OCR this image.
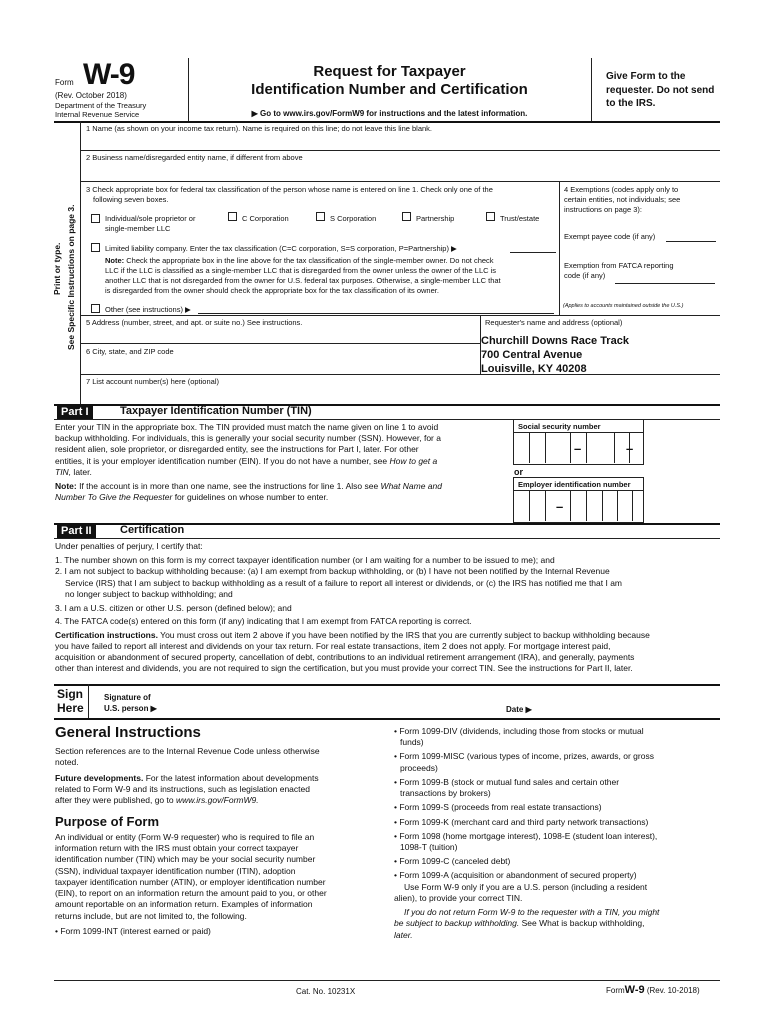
Form W-9
(Rev. October 2018)
Department of the Treasury
Internal Revenue Service
Request for Taxpayer
Identification Number and Certification
▶ Go to www.irs.gov/FormW9 for instructions and the latest information.
Give Form to the requester. Do not send to the IRS.
Print or type. See Specific Instructions on page 3.
1 Name (as shown on your income tax return). Name is required on this line; do not leave this line blank.
2 Business name/disregarded entity name, if different from above
3 Check appropriate box for federal tax classification of the person whose name is entered on line 1. Check only one of the
following seven boxes.
4 Exemptions (codes apply only to
certain entities, not individuals; see
instructions on page 3):
Exempt payee code (if any)
Exemption from FATCA reporting
code (if any)
(Applies to accounts maintained outside the U.S.)
Individual/sole proprietor or
single-member LLC
C Corporation	S Corporation	Partnership	Trust/estate
Limited liability company. Enter the tax classification (C=C corporation, S=S corporation, P=Partnership) ▶
Note: Check the appropriate box in the line above for the tax classification of the single-member owner. Do not check
LLC if the LLC is classified as a single-member LLC that is disregarded from the owner unless the owner of the LLC is
another LLC that is not disregarded from the owner for U.S. federal tax purposes. Otherwise, a single-member LLC that
is disregarded from the owner should check the appropriate box for the tax classification of its owner.
Other (see instructions) ▶
5 Address (number, street, and apt. or suite no.) See instructions.	Requester's name and address (optional)
Churchill Downs Race Track
700 Central Avenue
Louisville, KY 40208
6 City, state, and ZIP code
7 List account number(s) here (optional)
Part I	Taxpayer Identification Number (TIN)
Enter your TIN in the appropriate box. The TIN provided must match the name given on line 1 to avoid
backup withholding. For individuals, this is generally your social security number (SSN). However, for a
resident alien, sole proprietor, or disregarded entity, see the instructions for Part I, later. For other
entities, it is your employer identification number (EIN). If you do not have a number, see How to get a
TIN, later.
Note: If the account is in more than one name, see the instructions for line 1. Also see What Name and
Number To Give the Requester for guidelines on whose number to enter.
Social security number
–	–
or
Employer identification number
–
Part II	Certification
Under penalties of perjury, I certify that:
1. The number shown on this form is my correct taxpayer identification number (or I am waiting for a number to be issued to me); and
2. I am not subject to backup withholding because: (a) I am exempt from backup withholding, or (b) I have not been notified by the Internal Revenue
Service (IRS) that I am subject to backup withholding as a result of a failure to report all interest or dividends, or (c) the IRS has notified me that I am
no longer subject to backup withholding; and
3. I am a U.S. citizen or other U.S. person (defined below); and
4. The FATCA code(s) entered on this form (if any) indicating that I am exempt from FATCA reporting is correct.
Certification instructions. You must cross out item 2 above if you have been notified by the IRS that you are currently subject to backup withholding because
you have failed to report all interest and dividends on your tax return. For real estate transactions, item 2 does not apply. For mortgage interest paid,
acquisition or abandonment of secured property, cancellation of debt, contributions to an individual retirement arrangement (IRA), and generally, payments
other than interest and dividends, you are not required to sign the certification, but you must provide your correct TIN. See the instructions for Part II, later.
Sign
Here
Signature of
U.S. person ▶	Date ▶
General Instructions
Section references are to the Internal Revenue Code unless otherwise
noted.
Future developments. For the latest information about developments
related to Form W-9 and its instructions, such as legislation enacted
after they were published, go to www.irs.gov/FormW9.
Purpose of Form
An individual or entity (Form W-9 requester) who is required to file an
information return with the IRS must obtain your correct taxpayer
identification number (TIN) which may be your social security number
(SSN), individual taxpayer identification number (ITIN), adoption
taxpayer identification number (ATIN), or employer identification number
(EIN), to report on an information return the amount paid to you, or other
amount reportable on an information return. Examples of information
returns include, but are not limited to, the following.
• Form 1099-INT (interest earned or paid)
• Form 1099-DIV (dividends, including those from stocks or mutual
funds)
• Form 1099-MISC (various types of income, prizes, awards, or gross
proceeds)
• Form 1099-B (stock or mutual fund sales and certain other
transactions by brokers)
• Form 1099-S (proceeds from real estate transactions)
• Form 1099-K (merchant card and third party network transactions)
• Form 1098 (home mortgage interest), 1098-E (student loan interest),
1098-T (tuition)
• Form 1099-C (canceled debt)
• Form 1099-A (acquisition or abandonment of secured property)
Use Form W-9 only if you are a U.S. person (including a resident
alien), to provide your correct TIN.
If you do not return Form W-9 to the requester with a TIN, you might
be subject to backup withholding. See What is backup withholding,
later.
Cat. No. 10231X	FormW-9 (Rev. 10-2018)
